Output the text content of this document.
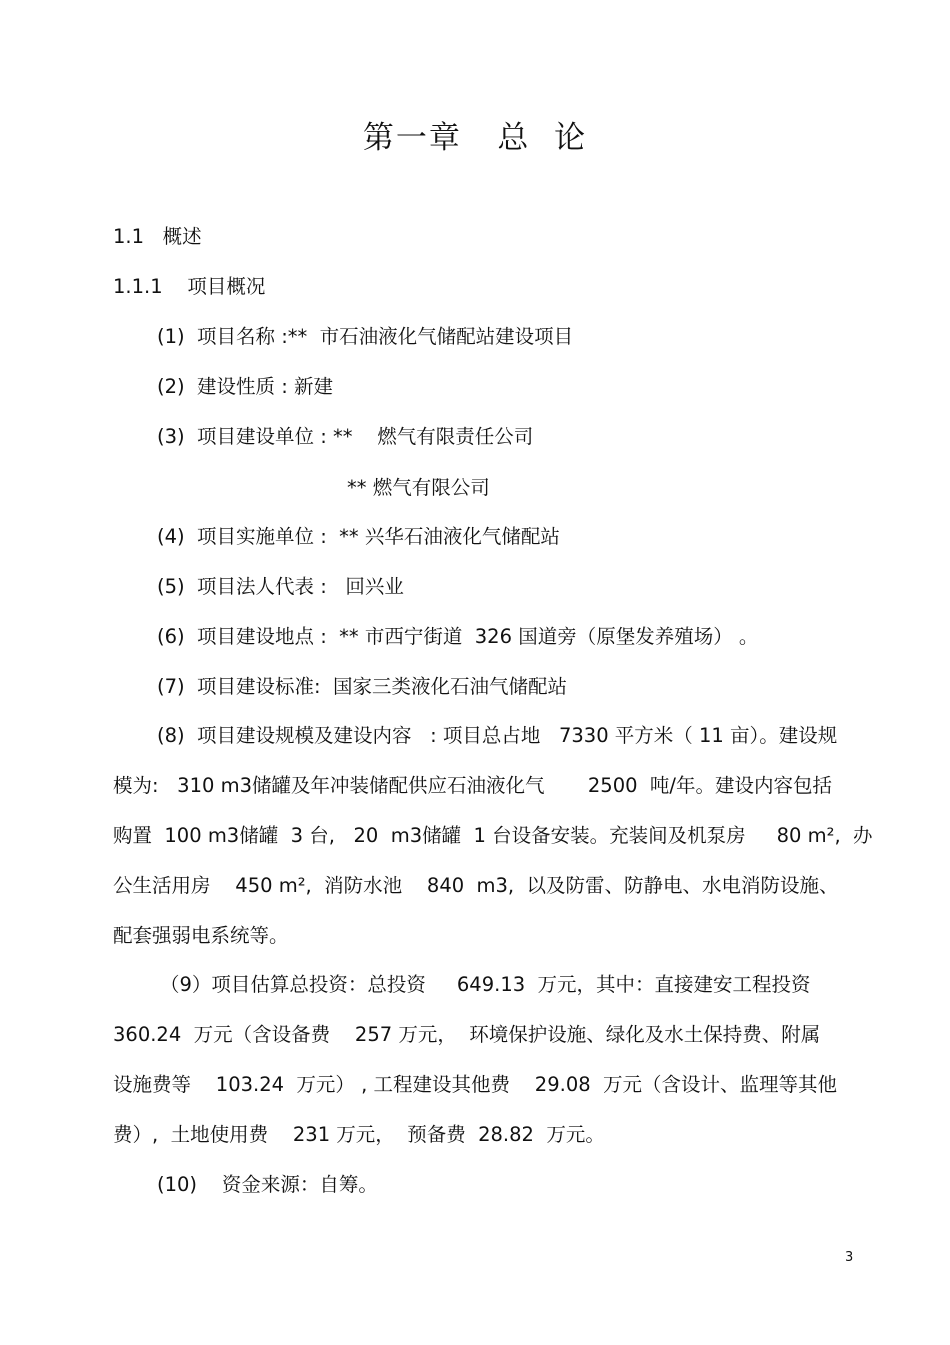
第一章   总  论
1.1   概述
1.1.1    项目概况
(1)  项目名称 :**  市石油液化气储配站建设项目
(2)  建设性质 : 新建
(3)  项目建设单位 : **    燃气有限责任公司
** 燃气有限公司
(4)  项目实施单位 :  ** 兴华石油液化气储配站
(5)  项目法人代表 :   回兴业
(6)  项目建设地点 :  ** 市西宁街道  326 国道旁（原堡发养殖场） 。
(7)  项目建设标准:  国家三类液化石油气储配站
(8)  项目建设规模及建设内容   : 项目总占地   7330 平方米（ 11 亩）。建设规
模为:   310 m3储罐及年冲装储配供应石油液化气       2500  吨/年。建设内容包括
购置  100 m3储罐  3 台,   20  m3储罐  1 台设备安装。充装间及机泵房     80 m²,  办
公生活用房    450 m²,  消防水池    840  m3,  以及防雷、防静电、水电消防设施、
配套强弱电系统等。
（9）项目估算总投资：总投资     649.13  万元，其中：直接建安工程投资
360.24  万元（含设备费    257 万元，  环境保护设施、绿化及水土保持费、附属
设施费等    103.24  万元） , 工程建设其他费    29.08  万元（含设计、监理等其他
费）,  土地使用费    231 万元，  预备费  28.82  万元。
(10)    资金来源：自筹。
3
